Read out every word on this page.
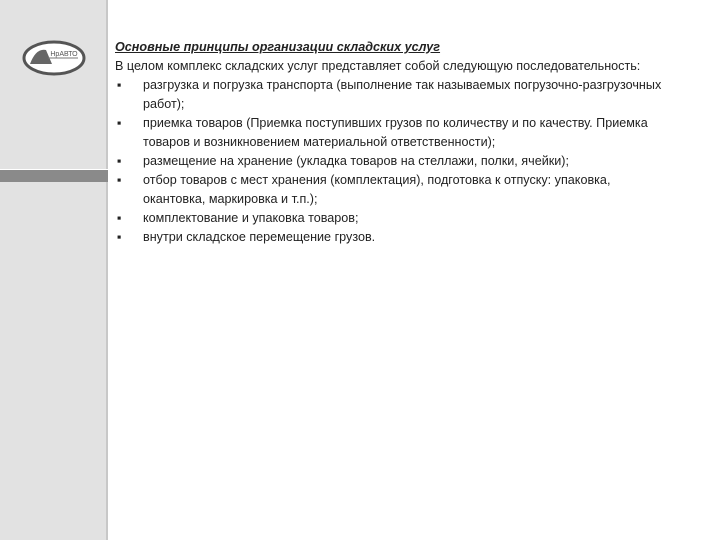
НрАВТО
Основные принципы организации складских услуг
В целом комплекс складских услуг представляет собой следующую последовательность:
▪ разгрузка и погрузка транспорта (выполнение так называемых погрузочно-разгрузочных работ);
▪ приемка товаров (Приемка поступивших грузов по количеству и по качеству. Приемка товаров и возникновением материальной ответственности);
▪ размещение на хранение (укладка товаров на стеллажи, полки, ячейки);
▪ отбор товаров с мест хранения (комплектация), подготовка к отпуску: упаковка, окантовка, маркировка и т.п.);
▪ комплектование и упаковка товаров;
▪ внутри складское перемещение грузов.
